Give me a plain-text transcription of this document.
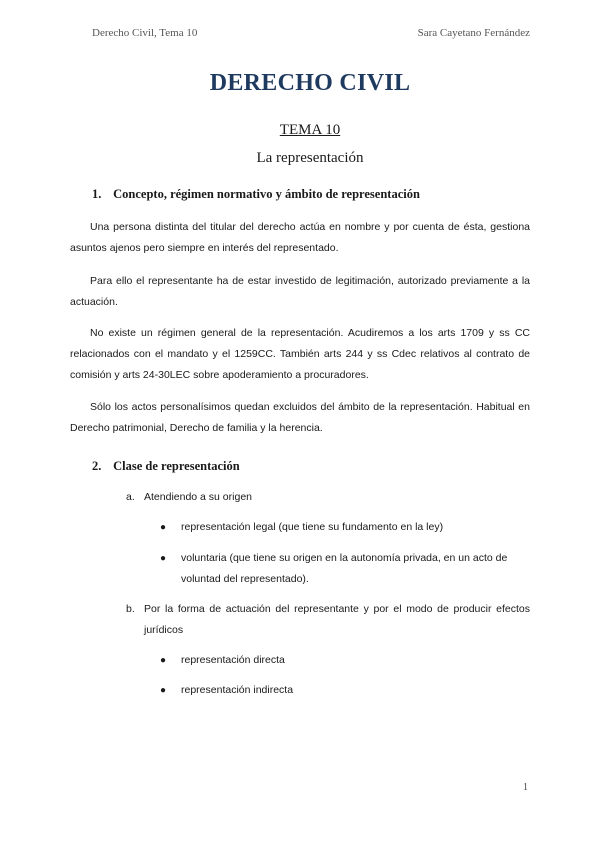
Derecho Civil, Tema 10	Sara Cayetano Fernández
DERECHO CIVIL
TEMA 10
La representación
1. Concepto, régimen normativo y ámbito de representación

Una persona distinta del titular del derecho actúa en nombre y por cuenta de ésta, gestiona asuntos ajenos pero siempre en interés del representado.

Para ello el representante ha de estar investido de legitimación, autorizado previamente a la actuación.

No existe un régimen general de la representación. Acudiremos a los arts 1709 y ss CC relacionados con el mandato y el 1259CC. También arts 244 y ss Cdec relativos al contrato de comisión y arts 24-30LEC sobre apoderamiento a procuradores.

Sólo los actos personalísimos quedan excluidos del ámbito de la representación. Habitual en Derecho patrimonial, Derecho de familia y la herencia.

2. Clase de representación
a. Atendiendo a su origen
●	representación legal (que tiene su fundamento en la ley)
●	voluntaria (que tiene su origen en la autonomía privada, en un acto de voluntad del representado).
b. Por la forma de actuación del representante y por el modo de producir efectos jurídicos
●	representación directa
●	representación indirecta
1
